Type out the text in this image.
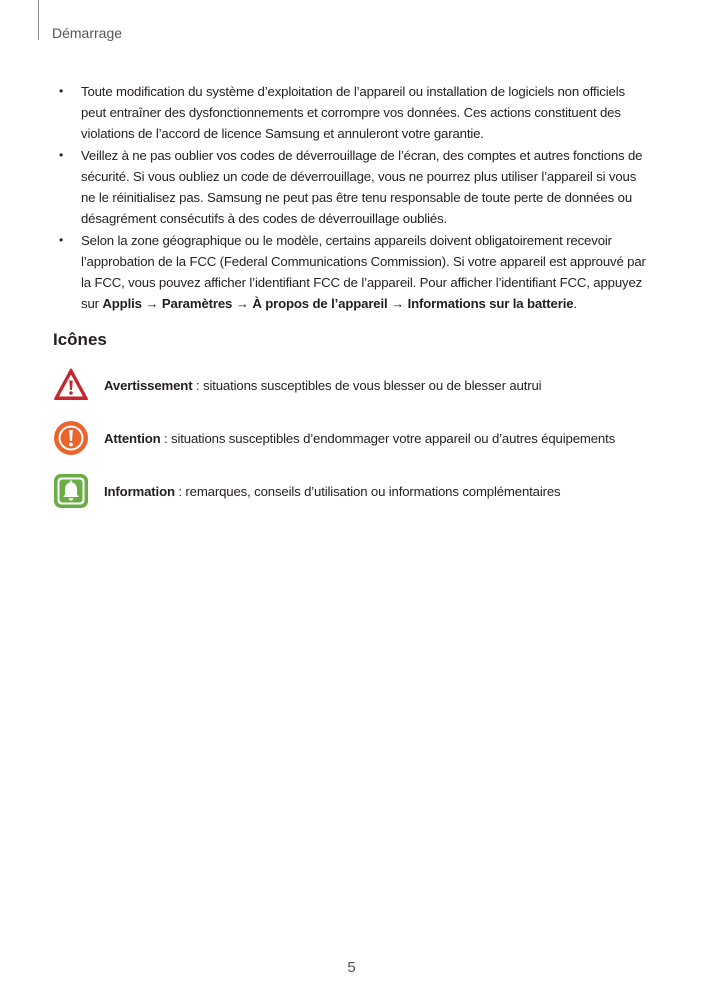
Démarrage
• Toute modification du système d’exploitation de l’appareil ou installation de logiciels non officiels peut entraîner des dysfonctionnements et corrompre vos données. Ces actions constituent des violations de l’accord de licence Samsung et annuleront votre garantie.
• Veillez à ne pas oublier vos codes de déverrouillage de l’écran, des comptes et autres fonctions de sécurité. Si vous oubliez un code de déverrouillage, vous ne pourrez plus utiliser l’appareil si vous ne le réinitialisez pas. Samsung ne peut pas être tenu responsable de toute perte de données ou désagrément consécutifs à des codes de déverrouillage oubliés.
• Selon la zone géographique ou le modèle, certains appareils doivent obligatoirement recevoir l’approbation de la FCC (Federal Communications Commission). Si votre appareil est approuvé par la FCC, vous pouvez afficher l’identifiant FCC de l’appareil. Pour afficher l’identifiant FCC, appuyez sur Applis → Paramètres → À propos de l’appareil → Informations sur la batterie.
Icônes
Avertissement : situations susceptibles de vous blesser ou de blesser autrui
Attention : situations susceptibles d’endommager votre appareil ou d’autres équipements
Information : remarques, conseils d’utilisation ou informations complémentaires
5
